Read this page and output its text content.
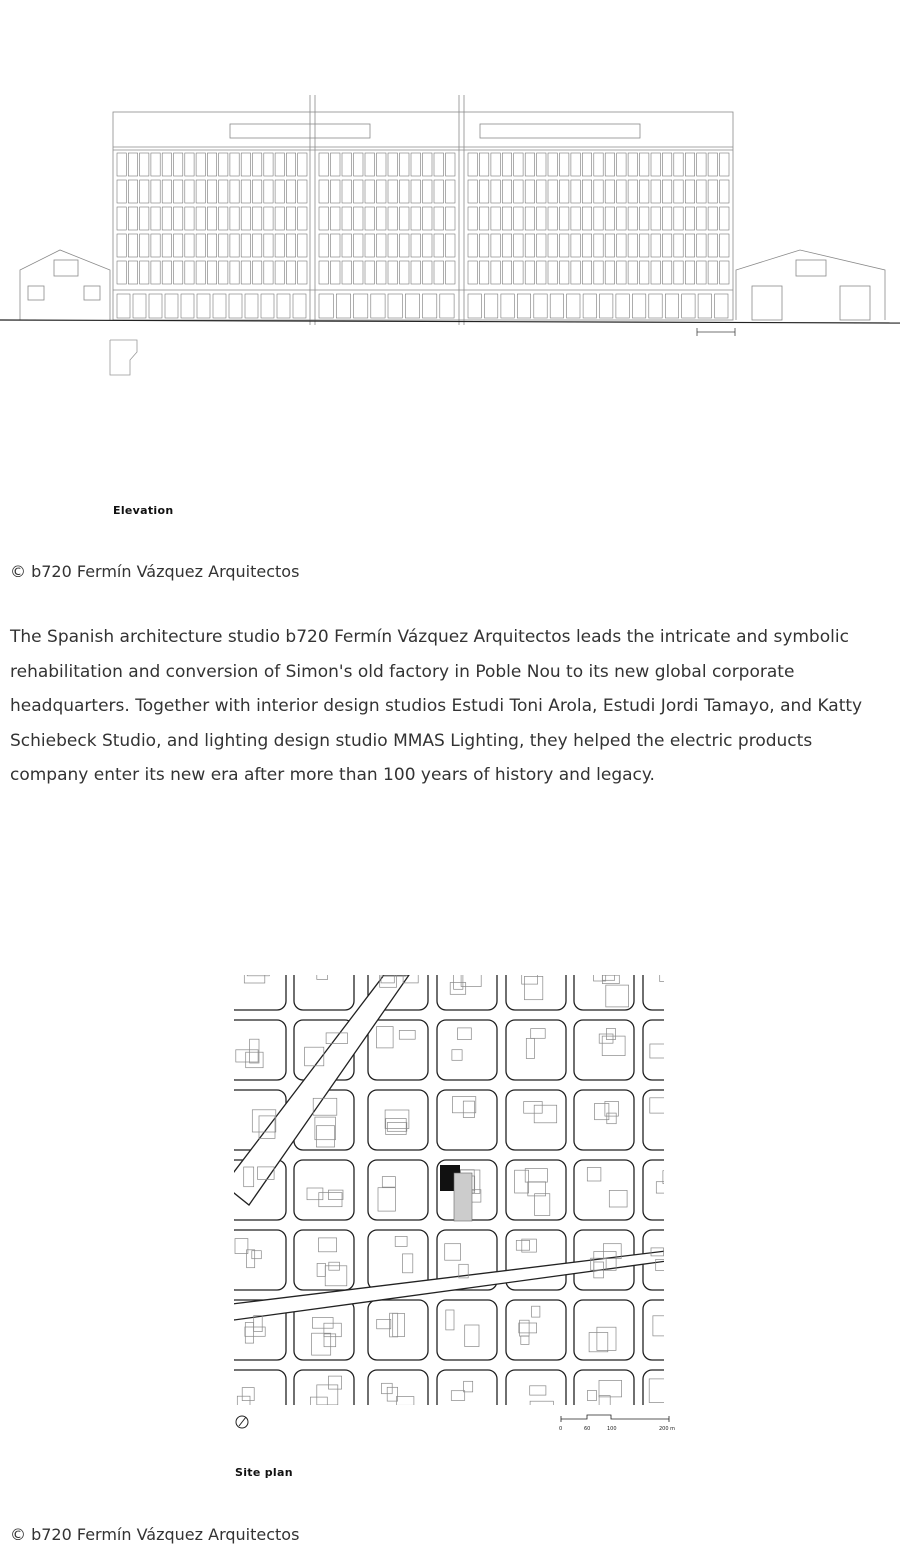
Elevation
© b720 Fermín Vázquez Arquitectos

The Spanish architecture studio b720 Fermín Vázquez Arquitectos leads the intricate and symbolic rehabilitation and conversion of Simon's old factory in Poble Nou to its new global corporate headquarters. Together with interior design studios Estudi Toni Arola, Estudi Jordi Tamayo, and Katty Schiebeck Studio, and lighting design studio MMAS Lighting, they helped the electric products company enter its new era after more than 100 years of history and legacy.

0	60	100	200 m
Site plan
© b720 Fermín Vázquez Arquitectos
